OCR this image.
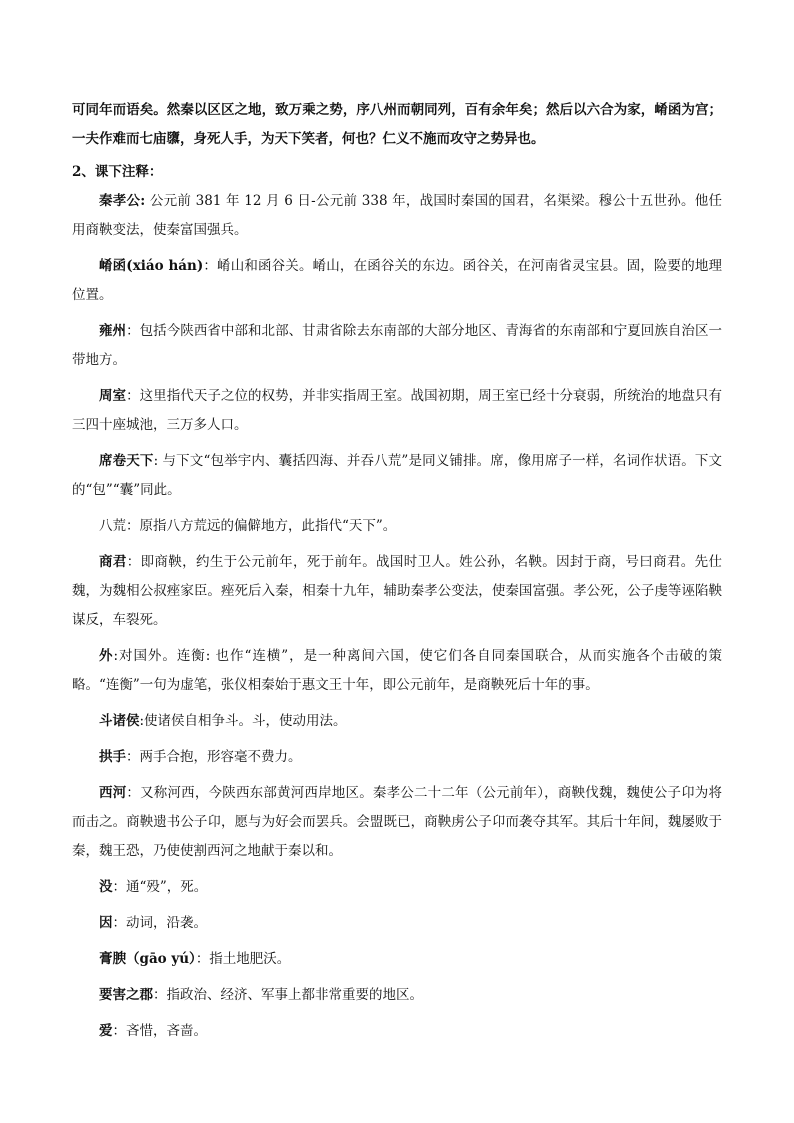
可同年而语矣。然秦以区区之地，致万乘之势，序八州而朝同列，百有余年矣；然后以六合为家，崤函为宫；一夫作难而七庙隳，身死人手，为天下笑者，何也？仁义不施而攻守之势异也。

2、课下注释：

秦孝公: 公元前 381 年 12 月 6 日-公元前 338 年，战国时秦国的国君，名渠梁。穆公十五世孙。他任用商鞅变法，使秦富国强兵。

崤函(xiáo hán)：崤山和函谷关。崤山，在函谷关的东边。函谷关，在河南省灵宝县。固，险要的地理位置。

雍州：包括今陕西省中部和北部、甘肃省除去东南部的大部分地区、青海省的东南部和宁夏回族自治区一带地方。

周室：这里指代天子之位的权势，并非实指周王室。战国初期，周王室已经十分衰弱，所统治的地盘只有三四十座城池，三万多人口。

席卷天下: 与下文“包举宇内、囊括四海、并吞八荒”是同义铺排。席，像用席子一样，名词作状语。下文的“包”“囊”同此。

八荒：原指八方荒远的偏僻地方，此指代“天下”。

商君：即商鞅，约生于公元前年，死于前年。战国时卫人。姓公孙，名鞅。因封于商，号曰商君。先仕魏，为魏相公叔痤家臣。痤死后入秦，相秦十九年，辅助秦孝公变法，使秦国富强。孝公死，公子虔等诬陷鞅谋反，车裂死。

外:对国外。连衡: 也作“连横”，是一种离间六国，使它们各自同秦国联合，从而实施各个击破的策略。“连衡”一句为虚笔，张仪相秦始于惠文王十年，即公元前年，是商鞅死后十年的事。

斗诸侯:使诸侯自相争斗。斗，使动用法。

拱手：两手合抱，形容毫不费力。

西河：又称河西，今陕西东部黄河西岸地区。秦孝公二十二年（公元前年），商鞅伐魏，魏使公子卬为将而击之。商鞅遗书公子卬，愿与为好会而罢兵。会盟既已，商鞅虏公子卬而袭夺其军。其后十年间，魏屡败于秦，魏王恐，乃使使割西河之地献于秦以和。

没：通“殁”，死。

因：动词，沿袭。

膏腴（gāo yú）：指土地肥沃。

要害之郡：指政治、经济、军事上都非常重要的地区。

爱：吝惜，吝啬。
